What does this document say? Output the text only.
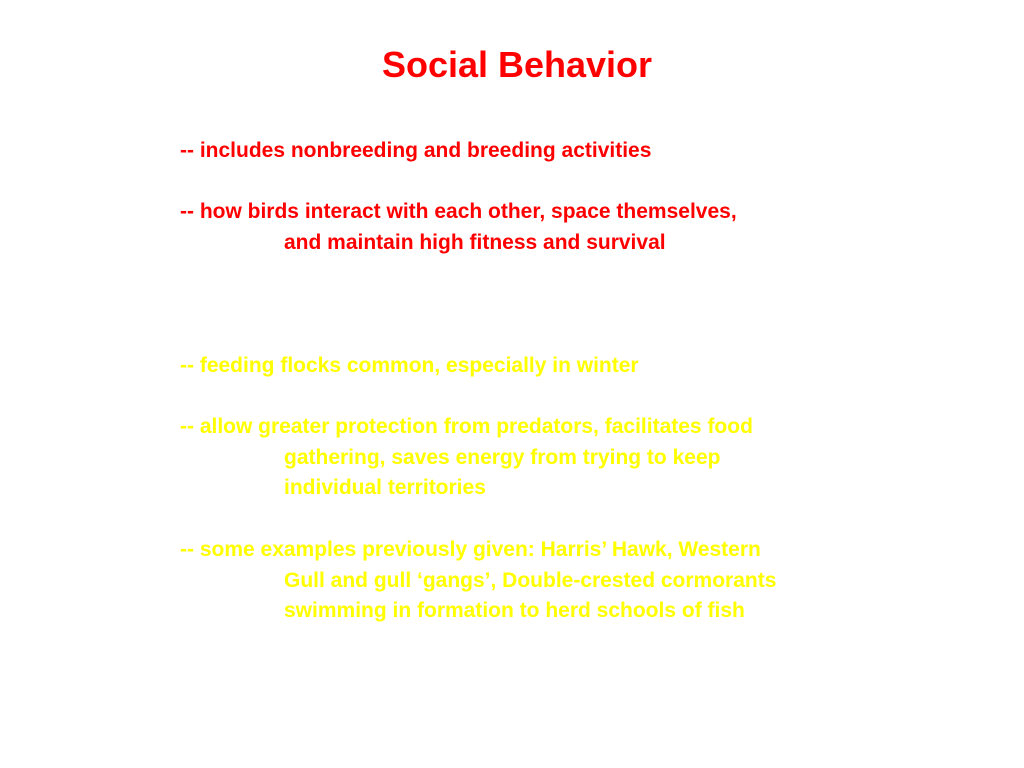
Social Behavior

-- includes nonbreeding and breeding activities

-- how birds interact with each other, space themselves,
and maintain high fitness and survival

-- feeding flocks common, especially in winter

-- allow greater protection from predators, facilitates food
gathering, saves energy from trying to keep
individual territories

-- some examples previously given: Harris’ Hawk, Western
Gull and gull ‘gangs’, Double-crested cormorants
swimming in formation to herd schools of fish
